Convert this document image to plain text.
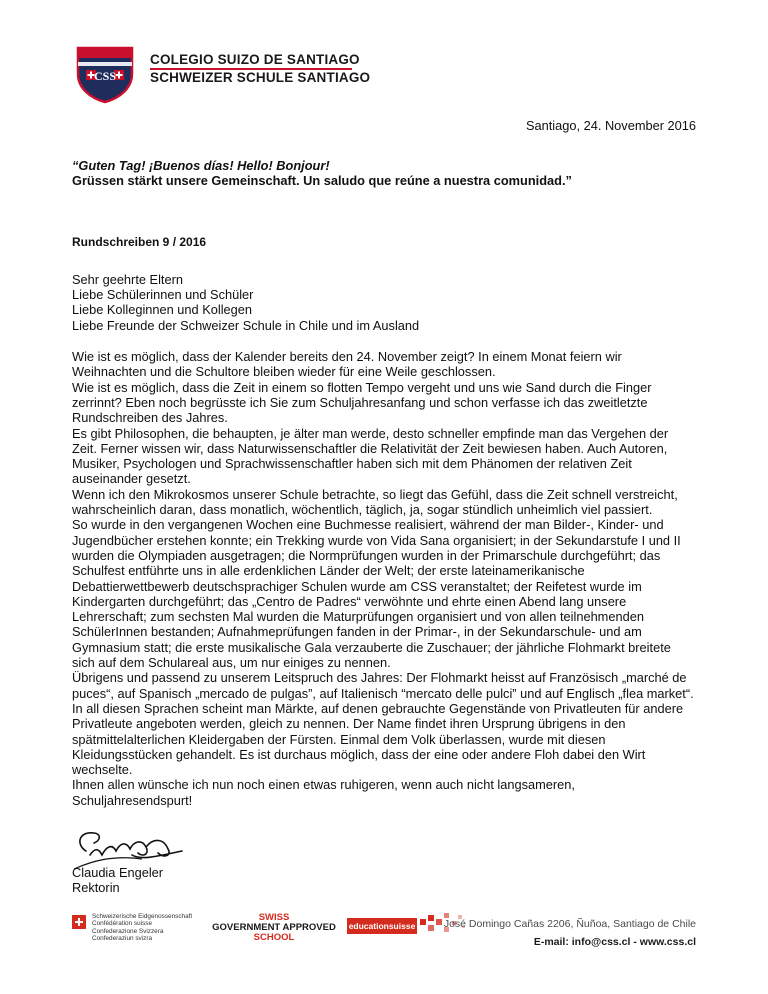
CSS
COLEGIO SUIZO DE SANTIAGO
SCHWEIZER SCHULE SANTIAGO
Santiago, 24. November 2016

“Guten Tag! ¡Buenos días! Hello! Bonjour!
Grüssen stärkt unsere Gemeinschaft. Un saludo que reúne a nuestra comunidad.”

Rundschreiben 9 / 2016

Sehr geehrte Eltern
Liebe Schülerinnen und Schüler
Liebe Kolleginnen und Kollegen
Liebe Freunde der Schweizer Schule in Chile und im Ausland

Wie ist es möglich, dass der Kalender bereits den 24. November zeigt? In einem Monat feiern wir Weihnachten und die Schultore bleiben wieder für eine Weile geschlossen.

Wie ist es möglich, dass die Zeit in einem so flotten Tempo vergeht und uns wie Sand durch die Finger zerrinnt? Eben noch begrüsste ich Sie zum Schuljahresanfang und schon verfasse ich das zweitletzte Rundschreiben des Jahres.

Es gibt Philosophen, die behaupten, je älter man werde, desto schneller empfinde man das Vergehen der Zeit. Ferner wissen wir, dass Naturwissenschaftler die Relativität der Zeit bewiesen haben. Auch Autoren, Musiker, Psychologen und Sprachwissenschaftler haben sich mit dem Phänomen der relativen Zeit auseinander gesetzt.

Wenn ich den Mikrokosmos unserer Schule betrachte, so liegt das Gefühl, dass die Zeit schnell verstreicht, wahrscheinlich daran, dass monatlich, wöchentlich, täglich, ja, sogar stündlich unheimlich viel passiert.

So wurde in den vergangenen Wochen eine Buchmesse realisiert, während der man Bilder-, Kinder- und Jugendbücher erstehen konnte; ein Trekking wurde von Vida Sana organisiert; in der Sekundarstufe I und II wurden die Olympiaden ausgetragen; die Normprüfungen wurden in der Primarschule durchgeführt; das Schulfest entführte uns in alle erdenklichen Länder der Welt; der erste lateinamerikanische Debattierwettbewerb deutschsprachiger Schulen wurde am CSS veranstaltet; der Reifetest wurde im Kindergarten durchgeführt; das „Centro de Padres“ verwöhnte und ehrte einen Abend lang unsere Lehrerschaft; zum sechsten Mal wurden die Maturprüfungen organisiert und von allen teilnehmenden SchülerInnen bestanden; Aufnahmeprüfungen fanden in der Primar-, in der Sekundarschule- und am Gymnasium statt; die erste musikalische Gala verzauberte die Zuschauer; der jährliche Flohmarkt breitete sich auf dem Schulareal aus, um nur einiges zu nennen.

Übrigens und passend zu unserem Leitspruch des Jahres: Der Flohmarkt heisst auf Französisch „marché de puces“, auf Spanisch „mercado de pulgas”, auf Italienisch “mercato delle pulci” und auf Englisch „flea market“. In all diesen Sprachen scheint man Märkte, auf denen gebrauchte Gegenstände von Privatleuten für andere Privatleute angeboten werden, gleich zu nennen. Der Name findet ihren Ursprung übrigens in den spätmittelalterlichen Kleidergaben der Fürsten. Einmal dem Volk überlassen, wurde mit diesen Kleidungsstücken gehandelt. Es ist durchaus möglich, dass der eine oder andere Floh dabei den Wirt wechselte.

Ihnen allen wünsche ich nun noch einen etwas ruhigeren, wenn auch nicht langsameren, Schuljahresendspurt!

Claudia Engeler
Rektorin
Schweizerische Eidgenossenschaft
Confédération suisse
Confederazione Svizzera
Confederaziun svizra
SWISS
GOVERNMENT APPROVED
SCHOOL
educationsuisse	José Domingo Cañas 2206, Ñuñoa, Santiago de Chile
E-mail: info@css.cl - www.css.cl
